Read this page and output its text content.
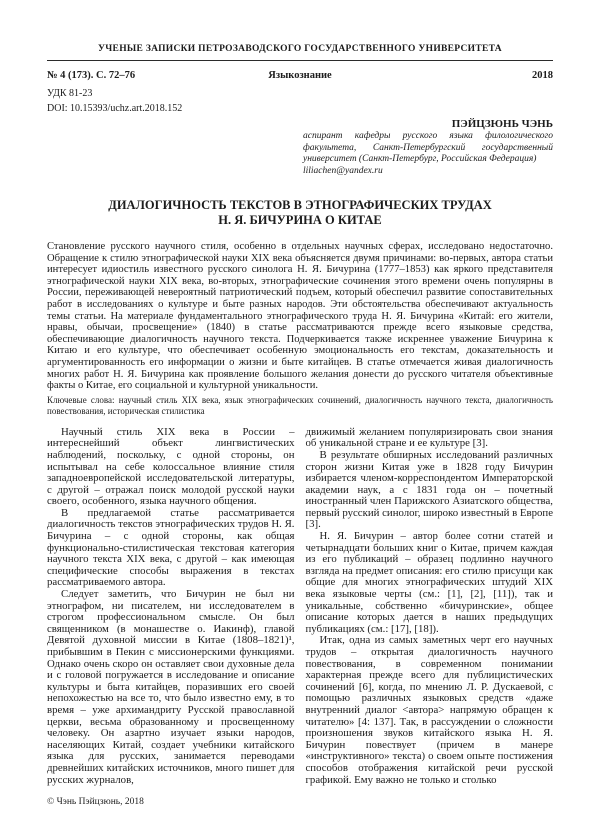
УЧЕНЫЕ ЗАПИСКИ ПЕТРОЗАВОДСКОГО ГОСУДАРСТВЕННОГО УНИВЕРСИТЕТА
№ 4 (173). С. 72–76	Языкознание	2018
УДК 81-23
DOI: 10.15393/uchz.art.2018.152
ПЭЙЦЗЮНЬ ЧЭНЬ
аспирант кафедры русского языка филологического факультета, Санкт-Петербургский государственный университет (Санкт-Петербург, Российская Федерация)
liliachen@yandex.ru
ДИАЛОГИЧНОСТЬ ТЕКСТОВ В ЭТНОГРАФИЧЕСКИХ ТРУДАХ
Н. Я. БИЧУРИНА О КИТАЕ
Становление русского научного стиля, особенно в отдельных научных сферах, исследовано недостаточно. Обращение к стилю этнографической науки XIX века объясняется двумя причинами: во-первых, автора статьи интересует идиостиль известного русского синолога Н. Я. Бичурина (1777–1853) как яркого представителя этнографической науки XIX века, во-вторых, этнографические сочинения этого времени очень популярны в России, переживающей невероятный патриотический подъем, который обеспечил развитие сопоставительных работ в исследованиях о культуре и быте разных народов. Эти обстоятельства обеспечивают актуальность темы статьи. На материале фундаментального этнографического труда Н. Я. Бичурина «Китай: его жители, нравы, обычаи, просвещение» (1840) в статье рассматриваются прежде всего языковые средства, обеспечивающие диалогичность научного текста. Подчеркивается также искреннее уважение Бичурина к Китаю и его культуре, что обеспечивает особенную эмоциональность его текстам, доказательность и аргументированность его информации о жизни и быте китайцев. В статье отмечается живая диалогичность многих работ Н. Я. Бичурина как проявление большого желания донести до русского читателя объективные факты о Китае, его социальной и культурной уникальности.
Ключевые слова: научный стиль XIX века, язык этнографических сочинений, диалогичность научного текста, диалогичность повествования, историческая стилистика

Научный стиль XIX века в России – интереснейший объект лингвистических наблюдений, поскольку, с одной стороны, он испытывал на себе колоссальное влияние стиля западноевропейской исследовательской литературы, с другой – отражал поиск молодой русской науки своего, особенного, языка научного общения.

В предлагаемой статье рассматривается диалогичность текстов этнографических трудов Н. Я. Бичурина – с одной стороны, как общая функционально-стилистическая текстовая категория научного текста XIX века, с другой – как имеющая специфические способы выражения в текстах рассматриваемого автора.

Следует заметить, что Бичурин не был ни этнографом, ни писателем, ни исследователем в строгом профессиональном смысле. Он был священником (в монашестве о. Иакинф), главой Девятой духовной миссии в Китае (1808–1821)¹, прибывшим в Пекин с миссионерскими функциями. Однако очень скоро он оставляет свои духовные дела и с головой погружается в исследование и описание культуры и быта китайцев, поразивших его своей непохожестью на все то, что было известно ему, в то время – уже архимандриту Русской православной церкви, весьма образованному и просвещенному человеку. Он азартно изучает языки народов, населяющих Китай, создает учебники китайского языка для русских, занимается переводами древнейших китайских источников, много пишет для русских журналов,

движимый желанием популяризировать свои знания об уникальной стране и ее культуре [3].

В результате обширных исследований различных сторон жизни Китая уже в 1828 году Бичурин избирается членом-корреспондентом Императорской академии наук, а с 1831 года он – почетный иностранный член Парижского Азиатского общества, первый русский синолог, широко известный в Европе [3].

Н. Я. Бичурин – автор более сотни статей и четырнадцати больших книг о Китае, причем каждая из его публикаций – образец подлинно научного взгляда на предмет описания: его стилю присущи как общие для многих этнографических штудий XIX века языковые черты (см.: [1], [2], [11]), так и уникальные, собственно «бичуринские», общее описание которых дается в наших предыдущих публикациях (см.: [17], [18]).

Итак, одна из самых заметных черт его научных трудов – открытая диалогичность научного повествования, в современном понимании характерная прежде всего для публицистических сочинений [6], когда, по мнению Л. Р. Дускаевой, с помощью различных языковых средств «даже внутренний диалог <автора> напрямую обращен к читателю» [4: 137]. Так, в рассуждении о сложности произношения звуков китайского языка Н. Я. Бичурин повествует (причем в манере «инструктивного» текста) о своем опыте постижения способов отображения китайской речи русской графикой. Ему важно не только и столько

© Чэнь Пэйцзюнь, 2018
